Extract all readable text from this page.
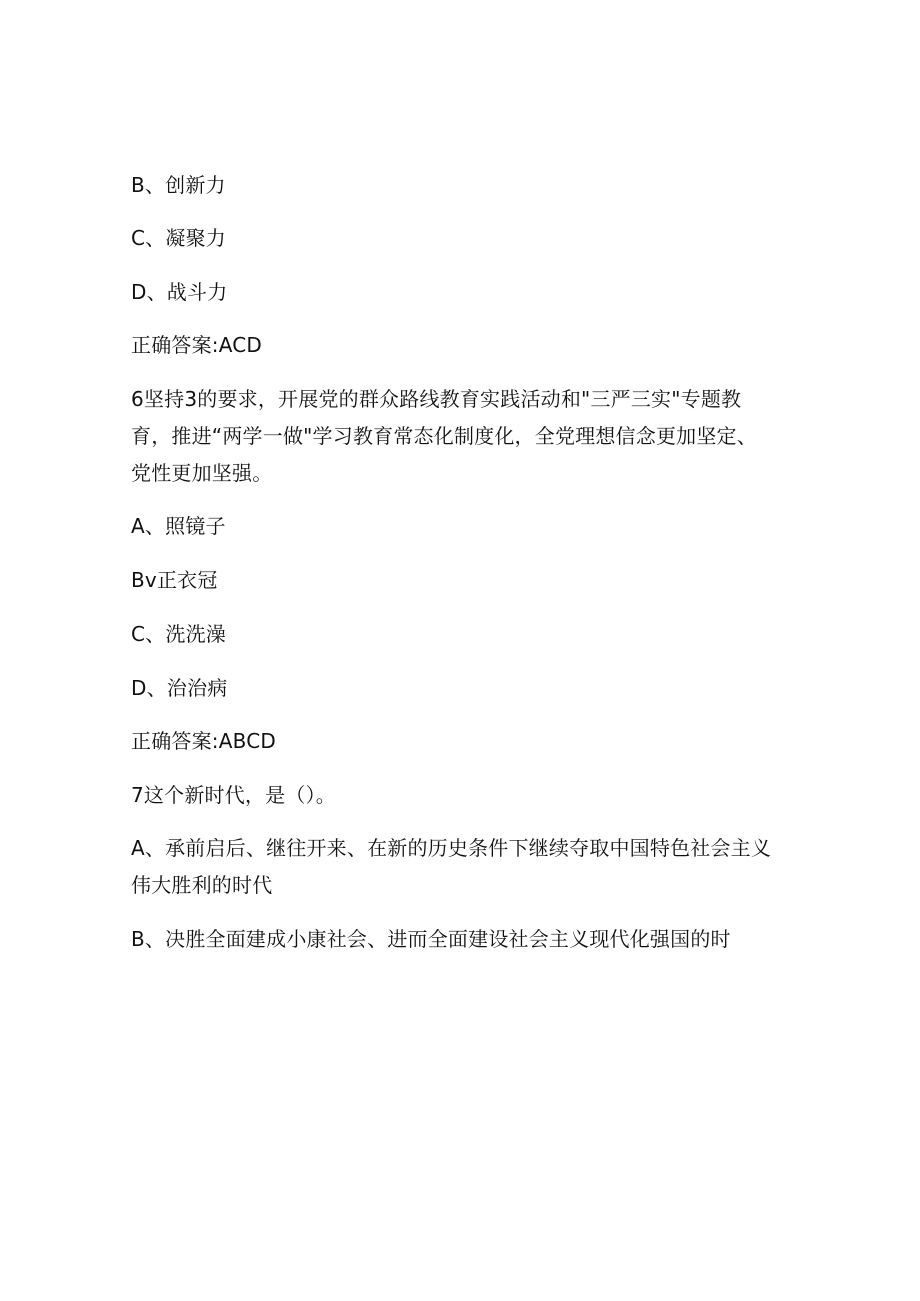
B、创新力
C、凝聚力
D、战斗力
正确答案:ACD
6坚持3的要求，开展党的群众路线教育实践活动和"三严三实"专题教
育，推进“两学一做"学习教育常态化制度化，全党理想信念更加坚定、
党性更加坚强。
A、照镜子
Bv正衣冠
C、洗洗澡
D、治治病
正确答案:ABCD
7这个新时代，是（）。
A、承前启后、继往开来、在新的历史条件下继续夺取中国特色社会主义
伟大胜利的时代
B、决胜全面建成小康社会、进而全面建设社会主义现代化强国的时
